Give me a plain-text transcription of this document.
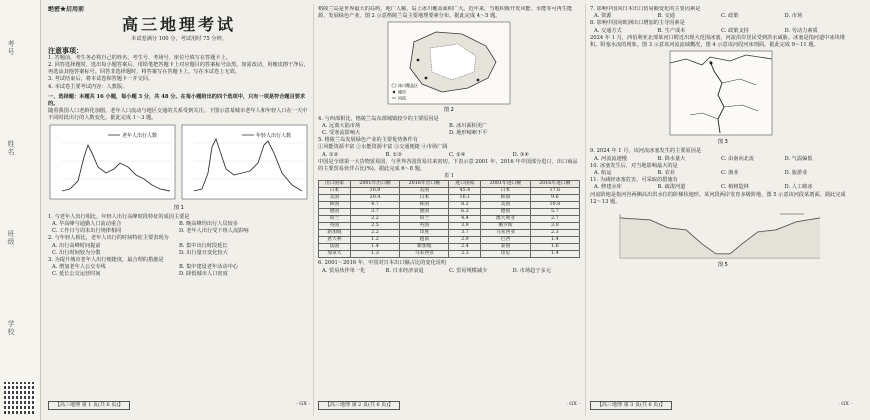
考号
姓名
班级
学校
绝密★启用前
高三地理考试

本试卷满分 100 分，考试用时 75 分钟。

注意事项：

1. 答题前，考生务必将自己的姓名、考生号、考场号、座位号填写在答题卡上。

2. 回答选择题时，选出每小题答案后，用铅笔把答题卡上对应题目的答案标号涂黑。如需改动，用橡皮擦干净后，再选涂其他答案标号。回答非选择题时，将答案写在答题卡上。写在本试卷上无效。

3. 考试结束后，将本试卷和答题卡一并交回。

4. 本试卷主要考试内容：人教版。

一、选择题：本题共 16 小题，每小题 3 分，共 48 分。在每小题给出的四个选项中，只有一项是符合题目要求的。

随着我国人口老龄化加剧，老年人口流动与地区交通的关系受到关注。下图示意某城市老年人和年轻人口在一天中不同时段出行的人数变化。据此完成 1～3 题。

老年人出行人数	年轻人出行人数
图 1

1. 与老年人出行相比，年轻人出行高峰时段特征的成因主要是

A. 早高峰与通勤人口流动重合	B. 晚高峰均出行人员较多
C. 工作日与周末出行规律相同	D. 老年人出行受下班人流影响

2. 与年轻人相比，老年人出行的时间特征主要表现为

A. 出行高峰时间提前	B. 集中出行时段延长
C. 出行时间较为分散	D. 出行量日变化较大

3. 为提升城市老年人出行便捷度，最合理的措施是

A. 增加老年人公交专线	B. 集中建设老年活动中心
C. 延长公交运营时间	D. 降低城市人口密度
【高三地理 第 1 页(共 6 页)】	· GX ·

格陵兰岛是世界最大的岛屿，地广人稀，岛上冰川覆盖面积广大。近年来，当地积极开发风能、水能等可再生能源，发展绿色产业。图 2 示意格陵兰岛主要地理要素分布。据此完成 4～5 题。

冰川覆盖区
城市
河流
图 2

4. 与西部相比，格陵兰岛东部城镇较少的主要原因是

A. 远离大陆市场	B. 冰川面积更广
C. 受寒流影响大	D. 地形崎岖不平

5. 格陵兰岛发展绿色产业的主要优势条件有

①风能资源丰富 ②水能资源丰富 ③交通便捷 ④市场广阔

A. ①②	B. ①③	C. ②④	D. ③④

中国是全球第一大货物贸易国，与世界各国贸易往来密切。下表示意 2001 年、2016 年中国部分进口、出口商品的主要贸易伙伴占比(%)。据此完成 6～8 题。

表 1
出口国家	2001年出口额	2016年出口额	进口国家	2001年进口额	2016年进口额
日本	16.9	美国	45.4	日本	17.6
美国	20.4	日本	16.1	韩国	9.6
韩国	4.7	韩国	8.2	美国	10.8
德国	3.7	德国	6.3	德国	5.7
荷兰	2.2	荷兰	4.4	澳大利亚	2.7
英国	2.5	英国	3.9	俄罗斯	3.0
新加坡	2.2	印度	3.7	马来西亚	2.3
意大利	1.2	越南	2.9	巴西	1.4
法国	1.4	新加坡	2.4	泰国	1.6
加拿大	1.3	马来西亚	2.3	印尼	1.4

6. 2001～2016 年，中国对日本出口额占比的变化说明

A. 贸易伙伴单一化	B. 日本经济衰退	C. 贸易规模减少	D. 市场趋于多元
【高三地理 第 2 页(共 6 页)】	· GX ·

7. 影响中国向日本出口贸易额变化的主要因素是

A. 资源	B. 交通	C. 政策	D. 市场

8. 影响中国向欧洲出口增加的主导因素是

A. 交通方式	B. 生产成本	C. 政策支持	D. 劳动力素质

2024 年 1 月，西伯利亚北部某河口附近出现大范围冰塞，河流沿岸居民受到洪水威胁。冰塞是指河道中冰块堆积，阻塞水流的现象。图 3 示意该河流流域概况，图 4 示意该河段河床剖面。据此完成 9～11 题。

图 3

9. 2024 年 1 月，该河流冰塞发生的主要原因是

A. 河流流速慢	B. 降水量大	C. 由南向北流	D. 气温偏低

10. 冰塞发生后，对当地影响最大的是

A. 航运	B. 农业	C. 渔业	D. 旅游业

11. 为减轻冰塞危害，可采取的措施有

A. 修建水库	B. 疏浚河道	C. 植树造林	D. 人工破冰

河流阶地是指河谷两侧高出洪水位的阶梯状地形。某河段两岸发育多级阶地，图 5 示意该河段某剖面。据此完成 12～13 题。

图 5
【高三地理 第 3 页(共 6 页)】	· GX ·
